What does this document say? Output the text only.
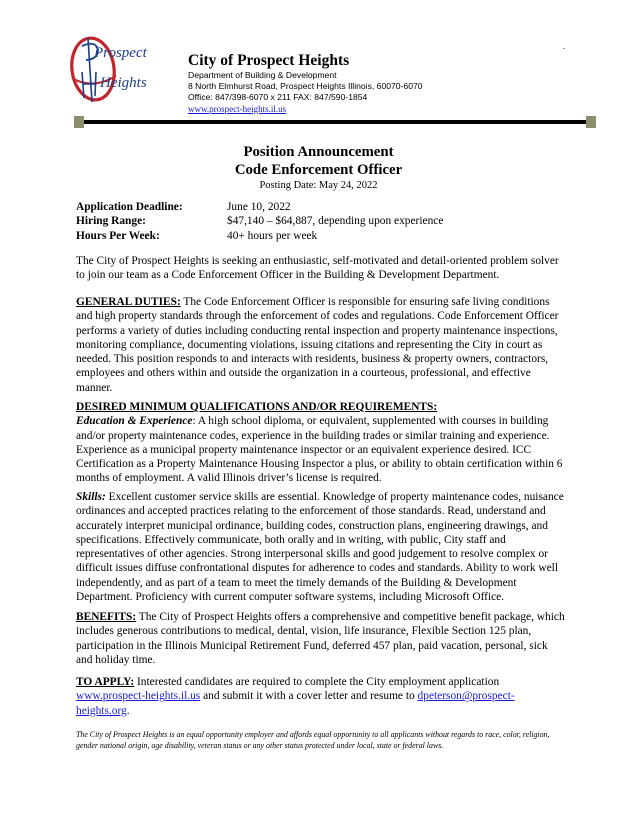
Prospect
Heights
City of Prospect Heights
Department of Building & Development
8 North Elmhurst Road, Prospect Heights Illinois, 60070-6070
Office: 847/398-6070 x 211 FAX: 847/590-1854
www.prospect-heights.il.us
.
Position Announcement
Code Enforcement Officer
Posting Date: May 24, 2022
Application Deadline:	June 10, 2022
Hiring Range:	$47,140 – $64,887, depending upon experience
Hours Per Week:	40+ hours per week

The City of Prospect Heights is seeking an enthusiastic, self-motivated and detail-oriented problem solver to join our team as a Code Enforcement Officer in the Building & Development Department.

GENERAL DUTIES: The Code Enforcement Officer is responsible for ensuring safe living conditions and high property standards through the enforcement of codes and regulations. Code Enforcement Officer performs a variety of duties including conducting rental inspection and property maintenance inspections, monitoring compliance, documenting violations, issuing citations and representing the City in court as needed. This position responds to and interacts with residents, business & property owners, contractors, employees and others within and outside the organization in a courteous, professional, and effective manner.

DESIRED MINIMUM QUALIFICATIONS AND/OR REQUIREMENTS:
Education & Experience: A high school diploma, or equivalent, supplemented with courses in building and/or property maintenance codes, experience in the building trades or similar training and experience. Experience as a municipal property maintenance inspector or an equivalent experience desired. ICC Certification as a Property Maintenance Housing Inspector a plus, or ability to obtain certification within 6 months of employment. A valid Illinois driver’s license is required.

Skills: Excellent customer service skills are essential. Knowledge of property maintenance codes, nuisance ordinances and accepted practices relating to the enforcement of those standards. Read, understand and accurately interpret municipal ordinance, building codes, construction plans, engineering drawings, and specifications. Effectively communicate, both orally and in writing, with public, City staff and representatives of other agencies. Strong interpersonal skills and good judgement to resolve complex or difficult issues diffuse confrontational disputes for adherence to codes and standards. Ability to work well independently, and as part of a team to meet the timely demands of the Building & Development Department. Proficiency with current computer software systems, including Microsoft Office.

BENEFITS: The City of Prospect Heights offers a comprehensive and competitive benefit package, which includes generous contributions to medical, dental, vision, life insurance, Flexible Section 125 plan, participation in the Illinois Municipal Retirement Fund, deferred 457 plan, paid vacation, personal, sick and holiday time.

TO APPLY: Interested candidates are required to complete the City employment application www.prospect-heights.il.us and submit it with a cover letter and resume to dpeterson@prospect-heights.org.

The City of Prospect Heights is an equal opportunity employer and affords equal opportunity to all applicants without regards to race, color, religion, gender national origin, age disability, veteran status or any other status protected under local, state or federal laws.
